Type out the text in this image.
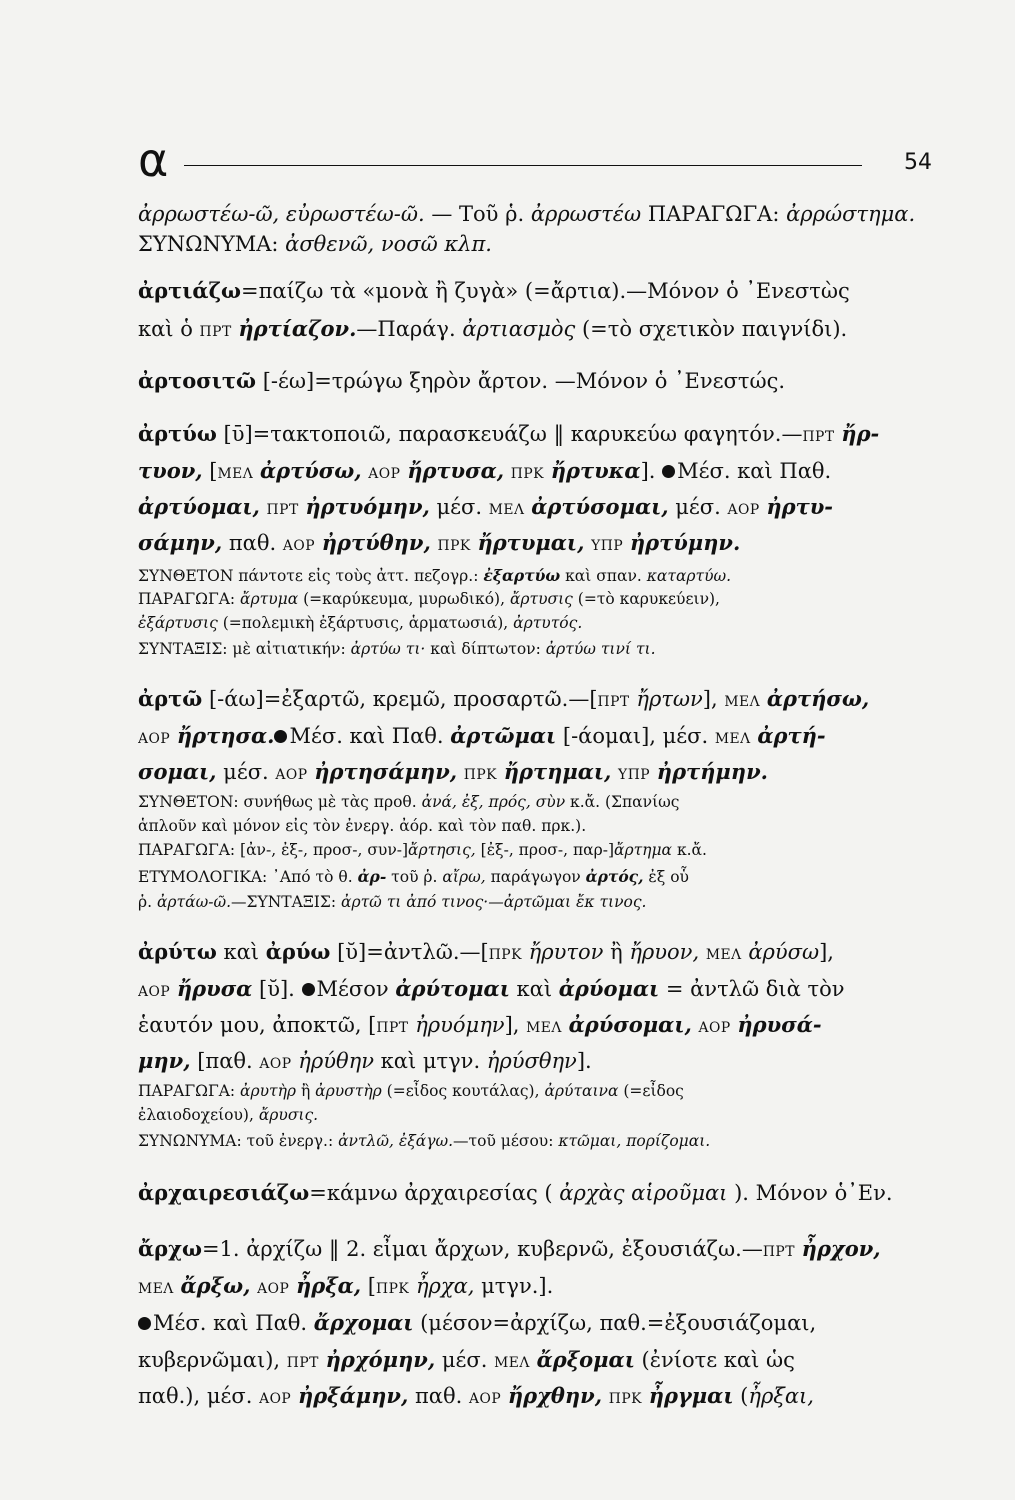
α	54
ἀρρωστέω-ῶ, εὐρωστέω-ῶ. — Τοῦ ῥ. ἀρρωστέω ΠΑΡΑΓΩΓΑ: ἀρρώστημα.
ΣΥΝΩΝΥΜΑ: ἀσθενῶ, νοσῶ κλπ.
ἀρτιάζω=παίζω τὰ «μονὰ ἢ ζυγὰ» (=ἄρτια).—Μόνον ὁ ᾿Ενεστὼς
καὶ ὁ ΠΡΤ ἠρτίαζον.—Παράγ. ἀρτιασμὸς (=τὸ σχετικὸν παιγνίδι).
ἀρτοσιτῶ [-έω]=τρώγω ξηρὸν ἄρτον. —Μόνον ὁ ᾿Ενεστώς.
ἀρτύω [ῡ]=τακτοποιῶ, παρασκευάζω ‖ καρυκεύω φαγητόν.—ΠΡΤ ἤρ-
τυον, [ΜΕΛ ἀρτύσω, ΑΟΡ ἤρτυσα, ΠΡΚ ἤρτυκα]. Μέσ. καὶ Παθ.
ἀρτύομαι, ΠΡΤ ἠρτυόμην, μέσ. ΜΕΛ ἀρτύσομαι, μέσ. ΑΟΡ ἠρτυ-
σάμην, παθ. ΑΟΡ ἠρτύθην, ΠΡΚ ἤρτυμαι, ΥΠΡ ἠρτύμην.
ΣΥΝΘΕΤΟΝ πάντοτε εἰς τοὺς ἀττ. πεζογρ.: ἐξαρτύω καὶ σπαν. καταρτύω.
ΠΑΡΑΓΩΓΑ: ἄρτυμα (=καρύκευμα, μυρωδικό), ἄρτυσις (=τὸ καρυκεύειν),
ἐξάρτυσις (=πολεμικὴ ἐξάρτυσις, ἁρματωσιά), ἀρτυτός.
ΣΥΝΤΑΞΙΣ: μὲ αἰτιατικήν: ἀρτύω τι· καὶ δίπτωτον: ἀρτύω τινί τι.
ἀρτῶ [-άω]=ἐξαρτῶ, κρεμῶ, προσαρτῶ.—[ΠΡΤ ἤρτων], ΜΕΛ ἀρτήσω,
ΑΟΡ ἤρτησα. Μέσ. καὶ Παθ. ἀρτῶμαι [-άομαι], μέσ. ΜΕΛ ἀρτή-
σομαι, μέσ. ΑΟΡ ἠρτησάμην, ΠΡΚ ἤρτημαι, ΥΠΡ ἠρτήμην.
ΣΥΝΘΕΤΟΝ: συνήθως μὲ τὰς προθ. ἀνά, ἐξ, πρός, σὺν κ.ἄ. (Σπανίως
ἁπλοῦν καὶ μόνον εἰς τὸν ἐνεργ. ἀόρ. καὶ τὸν παθ. πρκ.).
ΠΑΡΑΓΩΓΑ: [ἀν-, ἐξ-, προσ-, συν-]ἄρτησις, [ἐξ-, προσ-, παρ-]ἄρτημα κ.ἄ.
ΕΤΥΜΟΛΟΓΙΚΑ: ᾿Από τὸ θ. ἀρ- τοῦ ῥ. αἴρω, παράγωγον ἀρτός, ἐξ οὗ
ῥ. ἀρτάω-ῶ.—ΣΥΝΤΑΞΙΣ: ἀρτῶ τι ἀπό τινος·—ἀρτῶμαι ἔκ τινος.
ἀρύτω καὶ ἀρύω [ῠ]=ἀντλῶ.—[ΠΡΚ ἤρυτον ἢ ἤρυον, ΜΕΛ ἀρύσω],
ΑΟΡ ἤρυσα [ῠ]. Μέσον ἀρύτομαι καὶ ἀρύομαι = ἀντλῶ διὰ τὸν
ἑαυτόν μου, ἀποκτῶ, [ΠΡΤ ἠρυόμην], ΜΕΛ ἀρύσομαι, ΑΟΡ ἠρυσά-
μην, [παθ. ΑΟΡ ἠρύθην καὶ μτγν. ἠρύσθην].
ΠΑΡΑΓΩΓΑ: ἀρυτὴρ ἢ ἀρυστὴρ (=εἶδος κουτάλας), ἀρύταινα (=εἶδος
ἐλαιοδοχείου), ἄρυσις.
ΣΥΝΩΝΥΜΑ: τοῦ ἐνεργ.: ἀντλῶ, ἐξάγω.—τοῦ μέσου: κτῶμαι, πορίζομαι.
ἀρχαιρεσιάζω=κάμνω ἀρχαιρεσίας ( ἀρχὰς αἱροῦμαι ). Μόνον ὁ᾿Εν.
ἄρχω=1. ἀρχίζω ‖ 2. εἶμαι ἄρχων, κυβερνῶ, ἐξουσιάζω.—ΠΡΤ ἦρχον,
ΜΕΛ ἄρξω, ΑΟΡ ἦρξα, [ΠΡΚ ἦρχα, μτγν.].
Μέσ. καὶ Παθ. ἄρχομαι (μέσον=ἀρχίζω, παθ.=ἐξουσιάζομαι,
κυβερνῶμαι), ΠΡΤ ἠρχόμην, μέσ. ΜΕΛ ἄρξομαι (ἐνίοτε καὶ ὡς
παθ.), μέσ. ΑΟΡ ἠρξάμην, παθ. ΑΟΡ ἤρχθην, ΠΡΚ ἦργμαι (ἦρξαι,
